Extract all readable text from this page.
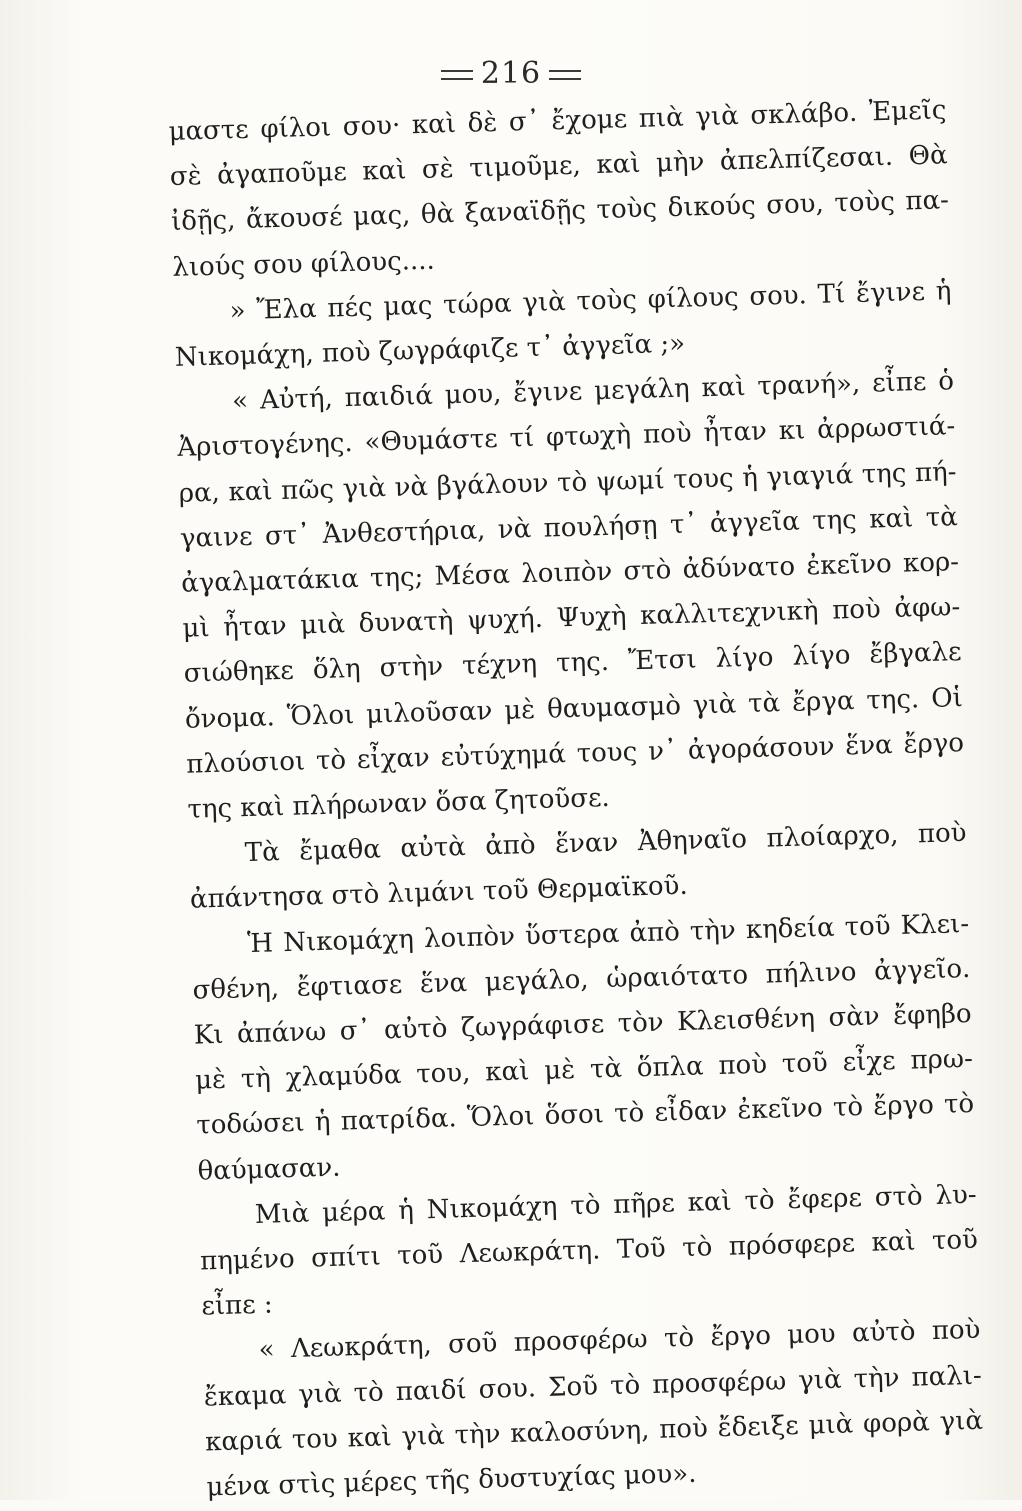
216
μαστε φίλοι σου· καὶ δὲ σ᾽ ἔχομε πιὰ γιὰ σκλάβο. Ἐμεῖς
σὲ ἀγαποῦμε καὶ σὲ τιμοῦμε, καὶ μὴν ἀπελπίζεσαι. Θὰ
ἰδῇς, ἄκουσέ μας, θὰ ξαναϊδῇς τοὺς δικούς σου, τοὺς πα-
λιούς σου φίλους....
» Ἔλα πές μας τώρα γιὰ τοὺς φίλους σου. Τί ἔγινε ἡ
Νικομάχη, ποὺ ζωγράφιζε τ᾽ ἀγγεῖα ;»
« Αὐτή, παιδιά μου, ἔγινε μεγάλη καὶ τρανή», εἶπε ὁ
Ἀριστογένης. «Θυμάστε τί φτωχὴ ποὺ ἦταν κι ἀρρωστιά-
ρα, καὶ πῶς γιὰ νὰ βγάλουν τὸ ψωμί τους ἡ γιαγιά της πή-
γαινε στ᾽ Ἀνθεστήρια, νὰ πουλήσῃ τ᾽ ἀγγεῖα της καὶ τὰ
ἀγαλματάκια της; Μέσα λοιπὸν στὸ ἀδύνατο ἐκεῖνο κορ-
μὶ ἦταν μιὰ δυνατὴ ψυχή. Ψυχὴ καλλιτεχνικὴ ποὺ ἀφω-
σιώθηκε ὅλη στὴν τέχνη της. Ἔτσι λίγο λίγο ἔβγαλε
ὄνομα. Ὅλοι μιλοῦσαν μὲ θαυμασμὸ γιὰ τὰ ἔργα της. Οἱ
πλούσιοι τὸ εἶχαν εὐτύχημά τους ν᾽ ἀγοράσουν ἕνα ἔργο
της καὶ πλήρωναν ὅσα ζητοῦσε.
Τὰ ἔμαθα αὐτὰ ἀπὸ ἕναν Ἀθηναῖο πλοίαρχο, ποὺ
ἀπάντησα στὸ λιμάνι τοῦ Θερμαϊκοῦ.
Ἡ Νικομάχη λοιπὸν ὕστερα ἀπὸ τὴν κηδεία τοῦ Κλει-
σθένη, ἔφτιασε ἕνα μεγάλο, ὡραιότατο πήλινο ἀγγεῖο.
Κι ἀπάνω σ᾽ αὐτὸ ζωγράφισε τὸν Κλεισθένη σὰν ἔφηβο
μὲ τὴ χλαμύδα του, καὶ μὲ τὰ ὅπλα ποὺ τοῦ εἶχε πρω-
τοδώσει ἡ πατρίδα. Ὅλοι ὅσοι τὸ εἶδαν ἐκεῖνο τὸ ἔργο τὸ
θαύμασαν.
Μιὰ μέρα ἡ Νικομάχη τὸ πῆρε καὶ τὸ ἔφερε στὸ λυ-
πημένο σπίτι τοῦ Λεωκράτη. Τοῦ τὸ πρόσφερε καὶ τοῦ
εἶπε :
« Λεωκράτη, σοῦ προσφέρω τὸ ἔργο μου αὐτὸ ποὺ
ἔκαμα γιὰ τὸ παιδί σου. Σοῦ τὸ προσφέρω γιὰ τὴν παλι-
καριά του καὶ γιὰ τὴν καλοσύνη, ποὺ ἔδειξε μιὰ φορὰ γιὰ
μένα στὶς μέρες τῆς δυστυχίας μου».
